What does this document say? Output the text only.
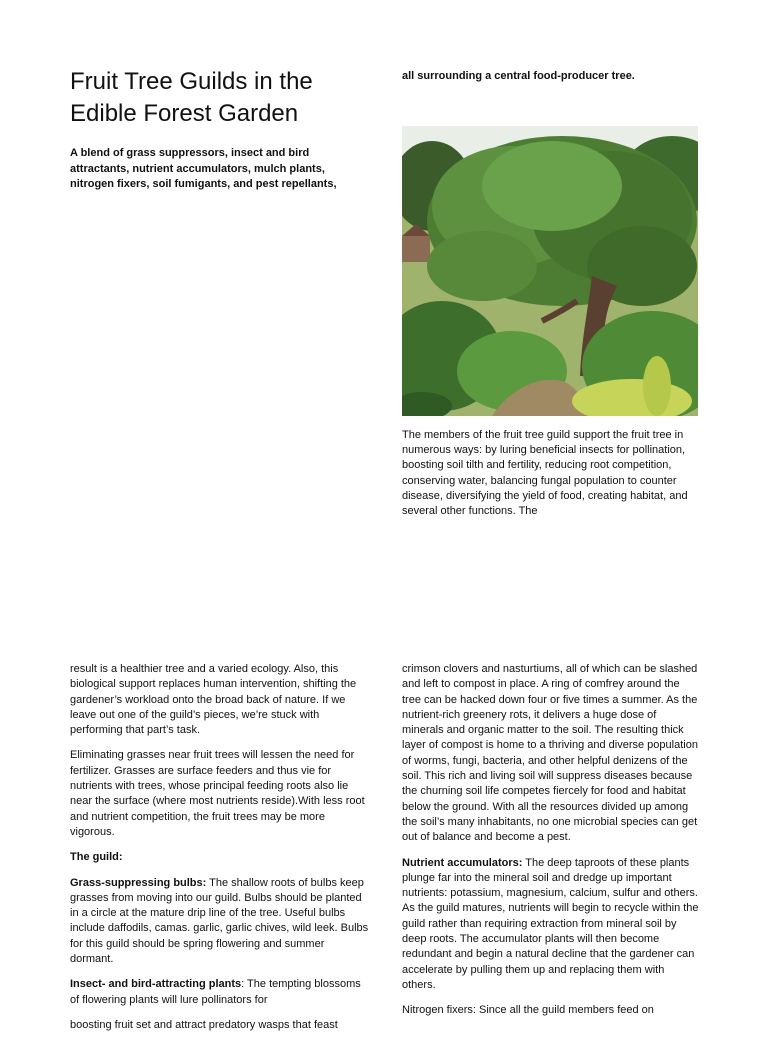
Fruit Tree Guilds in the
Edible Forest Garden

A blend of grass suppressors, insect and bird attractants, nutrient accumulators, mulch plants, nitrogen fixers, soil fumigants, and pest repellants,

all surrounding a central food-producer tree.

The members of the fruit tree guild support the fruit tree in numerous ways: by luring beneficial insects for pollination, boosting soil tilth and fertility, reducing root competition, conserving water, balancing fungal population to counter disease, diversifying the yield of food, creating habitat, and several other functions. The

result is a healthier tree and a varied ecology. Also, this biological support replaces human intervention, shifting the gardener’s workload onto the broad back of nature. If we leave out one of the guild’s pieces, we’re stuck with performing that part’s task.

Eliminating grasses near fruit trees will lessen the need for fertilizer. Grasses are surface feeders and thus vie for nutrients with trees, whose principal feeding roots also lie near the surface (where most nutrients reside).With less root and nutrient competition, the fruit trees may be more vigorous.

The guild:

Grass-suppressing bulbs: The shallow roots of bulbs keep grasses from moving into our guild. Bulbs should be planted in a circle at the mature drip line of the tree. Useful bulbs include daffodils, camas. garlic, garlic chives, wild leek. Bulbs for this guild should be spring flowering and summer dormant.

Insect- and bird-attracting plants: The tempting blossoms of flowering plants will lure pollinators for

boosting fruit set and attract predatory wasps that feast

crimson clovers and nasturtiums, all of which can be slashed and left to compost in place. A ring of comfrey around the tree can be hacked down four or five times a summer. As the nutrient-rich greenery rots, it delivers a huge dose of minerals and organic matter to the soil. The resulting thick layer of compost is home to a thriving and diverse population of worms, fungi, bacteria, and other helpful denizens of the soil. This rich and living soil will suppress diseases because the churning soil life competes fiercely for food and habitat below the ground. With all the resources divided up among the soil’s many inhabitants, no one microbial species can get out of balance and become a pest.

Nutrient accumulators: The deep taproots of these plants plunge far into the mineral soil and dredge up important nutrients: potassium, magnesium, calcium, sulfur and others. As the guild matures, nutrients will begin to recycle within the guild rather than requiring extraction from mineral soil by deep roots. The accumulator plants will then become redundant and begin a natural decline that the gardener can accelerate by pulling them up and replacing them with others.

Nitrogen fixers: Since all the guild members feed on
